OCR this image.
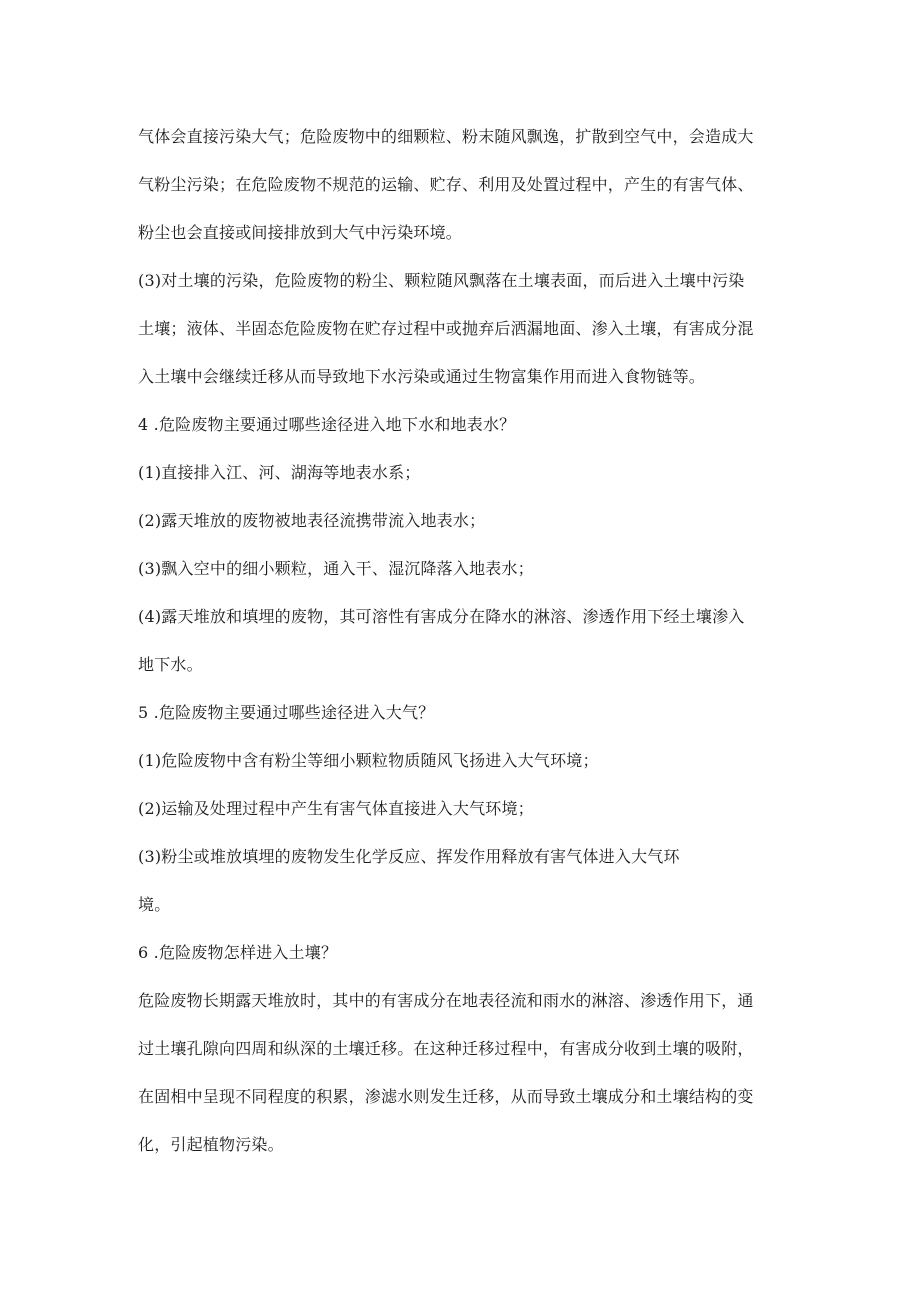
气体会直接污染大气；危险废物中的细颗粒、粉末随风飘逸，扩散到空气中，会造成大
气粉尘污染；在危险废物不规范的运输、贮存、利用及处置过程中，产生的有害气体、
粉尘也会直接或间接排放到大气中污染环境。
(3)对土壤的污染，危险废物的粉尘、颗粒随风飘落在土壤表面，而后进入土壤中污染
土壤；液体、半固态危险废物在贮存过程中或抛弃后洒漏地面、渗入土壤，有害成分混
入土壤中会继续迁移从而导致地下水污染或通过生物富集作用而进入食物链等。
4 .危险废物主要通过哪些途径进入地下水和地表水？
(1)直接排入江、河、湖海等地表水系；
(2)露天堆放的废物被地表径流携带流入地表水；
(3)飘入空中的细小颗粒，通入干、湿沉降落入地表水；
(4)露天堆放和填埋的废物，其可溶性有害成分在降水的淋溶、渗透作用下经土壤渗入
地下水。
5 .危险废物主要通过哪些途径进入大气？
(1)危险废物中含有粉尘等细小颗粒物质随风飞扬进入大气环境；
(2)运输及处理过程中产生有害气体直接进入大气环境；
(3)粉尘或堆放填埋的废物发生化学反应、挥发作用释放有害气体进入大气环
境。
6 .危险废物怎样进入土壤？
危险废物长期露天堆放时，其中的有害成分在地表径流和雨水的淋溶、渗透作用下，通
过土壤孔隙向四周和纵深的土壤迁移。在这种迁移过程中，有害成分收到土壤的吸附，
在固相中呈现不同程度的积累，渗滤水则发生迁移，从而导致土壤成分和土壤结构的变
化，引起植物污染。
